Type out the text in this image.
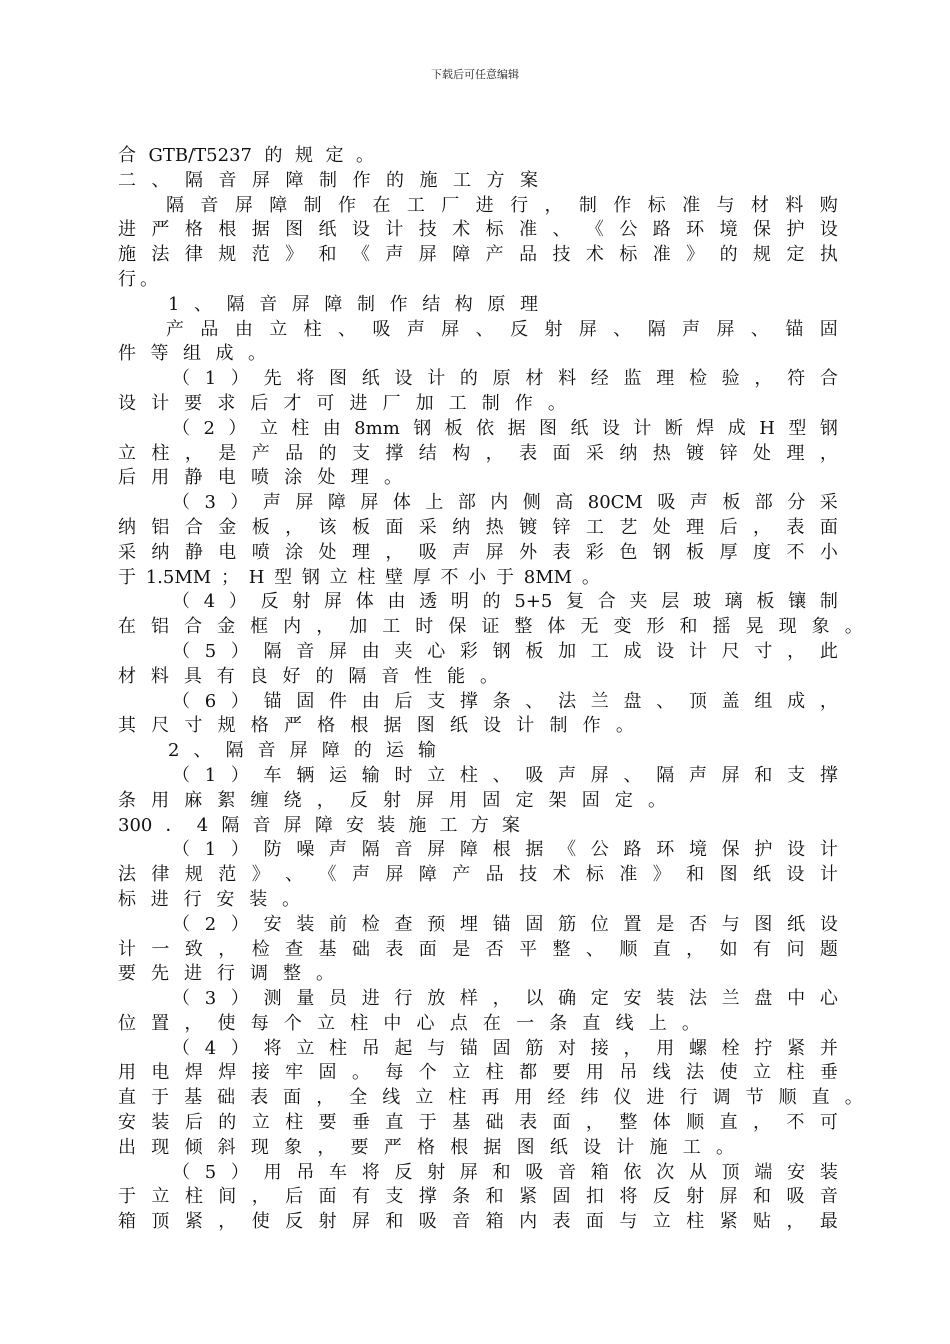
下载后可任意编辑
合 GTB/T5237 的 规 定 。
二 、 隔 音 屏 障 制 作 的 施 工 方 案
隔 音 屏 障 制 作 在 工 厂 进 行 ， 制 作 标 准 与 材 料 购
进 严 格 根 据 图 纸 设 计 技 术 标 准 、 《 公 路 环 境 保 护 设
施 法 律 规 范 》 和 《 声 屏 障 产 品 技 术 标 准 》 的 规 定 执
行 。
1 、 隔 音 屏 障 制 作 结 构 原 理
产 品 由 立 柱 、 吸 声 屏 、 反 射 屏 、 隔 声 屏 、 锚 固
件 等 组 成 。
（ 1 ） 先 将 图 纸 设 计 的 原 材 料 经 监 理 检 验 ， 符 合
设 计 要 求 后 才 可 进 厂 加 工 制 作 。
（ 2 ） 立 柱 由 8mm 钢 板 依 据 图 纸 设 计 断 焊 成 H 型 钢
立 柱 ， 是 产 品 的 支 撑 结 构 ， 表 面 采 纳 热 镀 锌 处 理 ，
后 用 静 电 喷 涂 处 理 。
（ 3 ） 声 屏 障 屏 体 上 部 内 侧 高 80CM 吸 声 板 部 分 采
纳 铝 合 金 板 ， 该 板 面 采 纳 热 镀 锌 工 艺 处 理 后 ， 表 面
采 纳 静 电 喷 涂 处 理 ， 吸 声 屏 外 表 彩 色 钢 板 厚 度 不 小
于 1.5MM ； H 型 钢 立 柱 壁 厚 不 小 于 8MM 。
（ 4 ） 反 射 屏 体 由 透 明 的 5+5 复 合 夹 层 玻 璃 板 镶 制
在 铝 合 金 框 内 ， 加 工 时 保 证 整 体 无 变 形 和 摇 晃 现 象 。
（ 5 ） 隔 音 屏 由 夹 心 彩 钢 板 加 工 成 设 计 尺 寸 ， 此
材 料 具 有 良 好 的 隔 音 性 能 。
（ 6 ） 锚 固 件 由 后 支 撑 条 、 法 兰 盘 、 顶 盖 组 成 ，
其 尺 寸 规 格 严 格 根 据 图 纸 设 计 制 作 。
2 、 隔 音 屏 障 的 运 输
（ 1 ） 车 辆 运 输 时 立 柱 、 吸 声 屏 、 隔 声 屏 和 支 撑
条 用 麻 絮 缠 绕 ， 反 射 屏 用 固 定 架 固 定 。
300 ． 4 隔 音 屏 障 安 装 施 工 方 案
（ 1 ） 防 噪 声 隔 音 屏 障 根 据 《 公 路 环 境 保 护 设 计
法 律 规 范 》 、 《 声 屏 障 产 品 技 术 标 准 》 和 图 纸 设 计
标 进 行 安 装 。
（ 2 ） 安 装 前 检 查 预 埋 锚 固 筋 位 置 是 否 与 图 纸 设
计 一 致 ， 检 查 基 础 表 面 是 否 平 整 、 顺 直 ， 如 有 问 题
要 先 进 行 调 整 。
（ 3 ） 测 量 员 进 行 放 样 ， 以 确 定 安 装 法 兰 盘 中 心
位 置 ， 使 每 个 立 柱 中 心 点 在 一 条 直 线 上 。
（ 4 ） 将 立 柱 吊 起 与 锚 固 筋 对 接 ， 用 螺 栓 拧 紧 并
用 电 焊 焊 接 牢 固 。 每 个 立 柱 都 要 用 吊 线 法 使 立 柱 垂
直 于 基 础 表 面 ， 全 线 立 柱 再 用 经 纬 仪 进 行 调 节 顺 直 。
安 装 后 的 立 柱 要 垂 直 于 基 础 表 面 ， 整 体 顺 直 ， 不 可
出 现 倾 斜 现 象 ， 要 严 格 根 据 图 纸 设 计 施 工 。
（ 5 ） 用 吊 车 将 反 射 屏 和 吸 音 箱 依 次 从 顶 端 安 装
于 立 柱 间 ， 后 面 有 支 撑 条 和 紧 固 扣 将 反 射 屏 和 吸 音
箱 顶 紧 ， 使 反 射 屏 和 吸 音 箱 内 表 面 与 立 柱 紧 贴 ， 最
